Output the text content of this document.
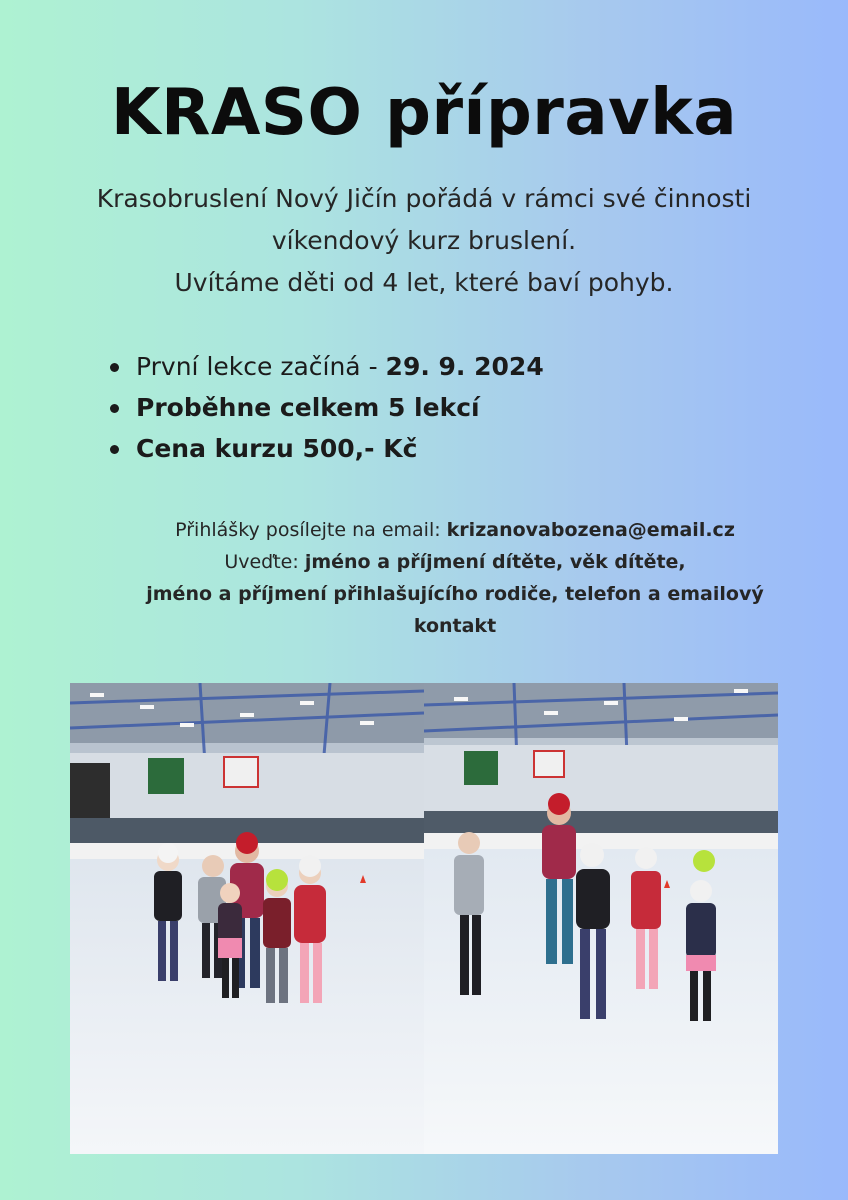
KRASO přípravka
Krasobruslení Nový Jičín pořádá v rámci své činnosti
víkendový kurz bruslení.
Uvítáme děti od 4 let, které baví pohyb.
První lekce začíná - 29. 9. 2024
Proběhne celkem 5 lekcí
Cena kurzu 500,- Kč
Přihlášky posílejte na email: krizanovabozena@email.cz
Uveďte: jméno a příjmení dítěte, věk dítěte,
jméno a příjmení přihlašujícího rodiče, telefon a emailový
kontakt
